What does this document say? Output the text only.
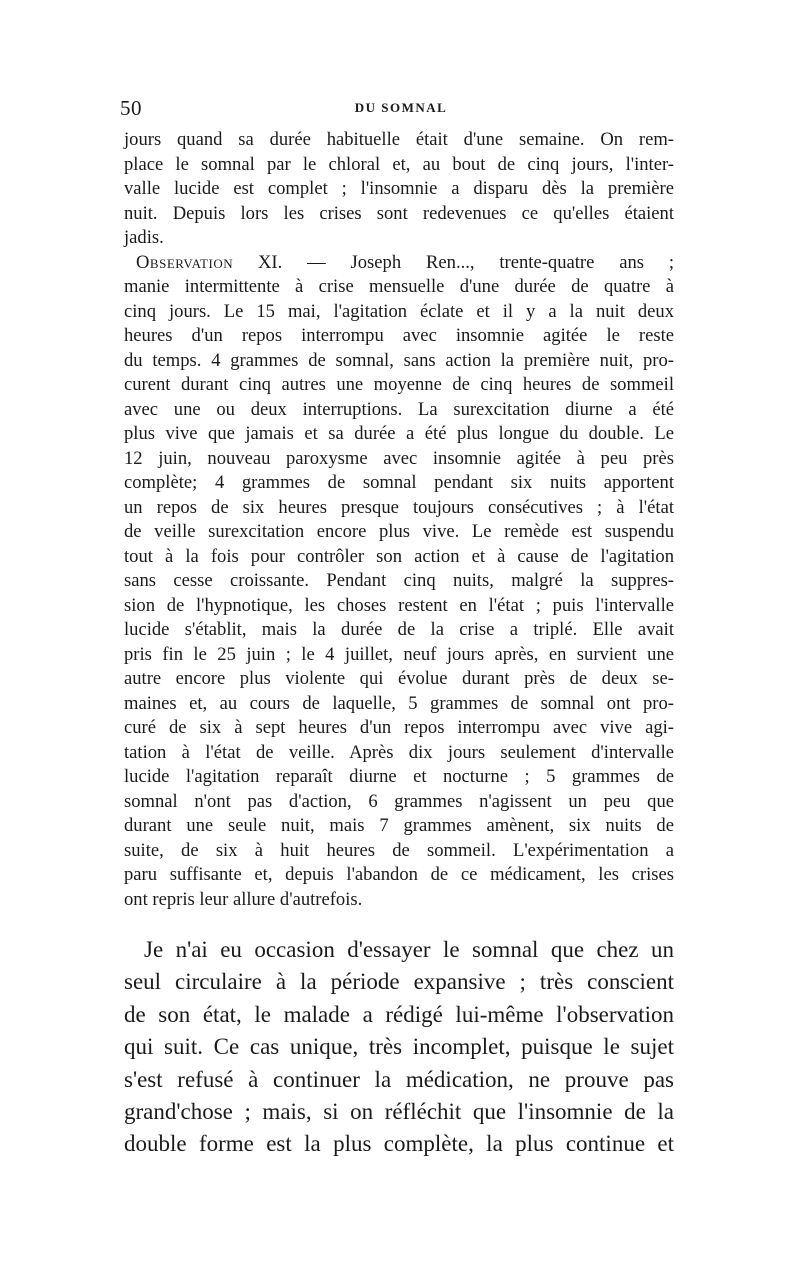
50	DU SOMNAL
jours quand sa durée habituelle était d'une semaine. On rem-
place le somnal par le chloral et, au bout de cinq jours, l'inter-
valle lucide est complet ; l'insomnie a disparu dès la première
nuit. Depuis lors les crises sont redevenues ce qu'elles étaient
jadis.
Observation XI. — Joseph Ren..., trente-quatre ans ;
manie intermittente à crise mensuelle d'une durée de quatre à
cinq jours. Le 15 mai, l'agitation éclate et il y a la nuit deux
heures d'un repos interrompu avec insomnie agitée le reste
du temps. 4 grammes de somnal, sans action la première nuit, pro-
curent durant cinq autres une moyenne de cinq heures de sommeil
avec une ou deux interruptions. La surexcitation diurne a été
plus vive que jamais et sa durée a été plus longue du double. Le
12 juin, nouveau paroxysme avec insomnie agitée à peu près
complète; 4 grammes de somnal pendant six nuits apportent
un repos de six heures presque toujours consécutives ; à l'état
de veille surexcitation encore plus vive. Le remède est suspendu
tout à la fois pour contrôler son action et à cause de l'agitation
sans cesse croissante. Pendant cinq nuits, malgré la suppres-
sion de l'hypnotique, les choses restent en l'état ; puis l'intervalle
lucide s'établit, mais la durée de la crise a triplé. Elle avait
pris fin le 25 juin ; le 4 juillet, neuf jours après, en survient une
autre encore plus violente qui évolue durant près de deux se-
maines et, au cours de laquelle, 5 grammes de somnal ont pro-
curé de six à sept heures d'un repos interrompu avec vive agi-
tation à l'état de veille. Après dix jours seulement d'intervalle
lucide l'agitation reparaît diurne et nocturne ; 5 grammes de
somnal n'ont pas d'action, 6 grammes n'agissent un peu que
durant une seule nuit, mais 7 grammes amènent, six nuits de
suite, de six à huit heures de sommeil. L'expérimentation a
paru suffisante et, depuis l'abandon de ce médicament, les crises
ont repris leur allure d'autrefois.
Je n'ai eu occasion d'essayer le somnal que chez un
seul circulaire à la période expansive ; très conscient
de son état, le malade a rédigé lui-même l'observation
qui suit. Ce cas unique, très incomplet, puisque le sujet
s'est refusé à continuer la médication, ne prouve pas
grand'chose ; mais, si on réfléchit que l'insomnie de la
double forme est la plus complète, la plus continue et
